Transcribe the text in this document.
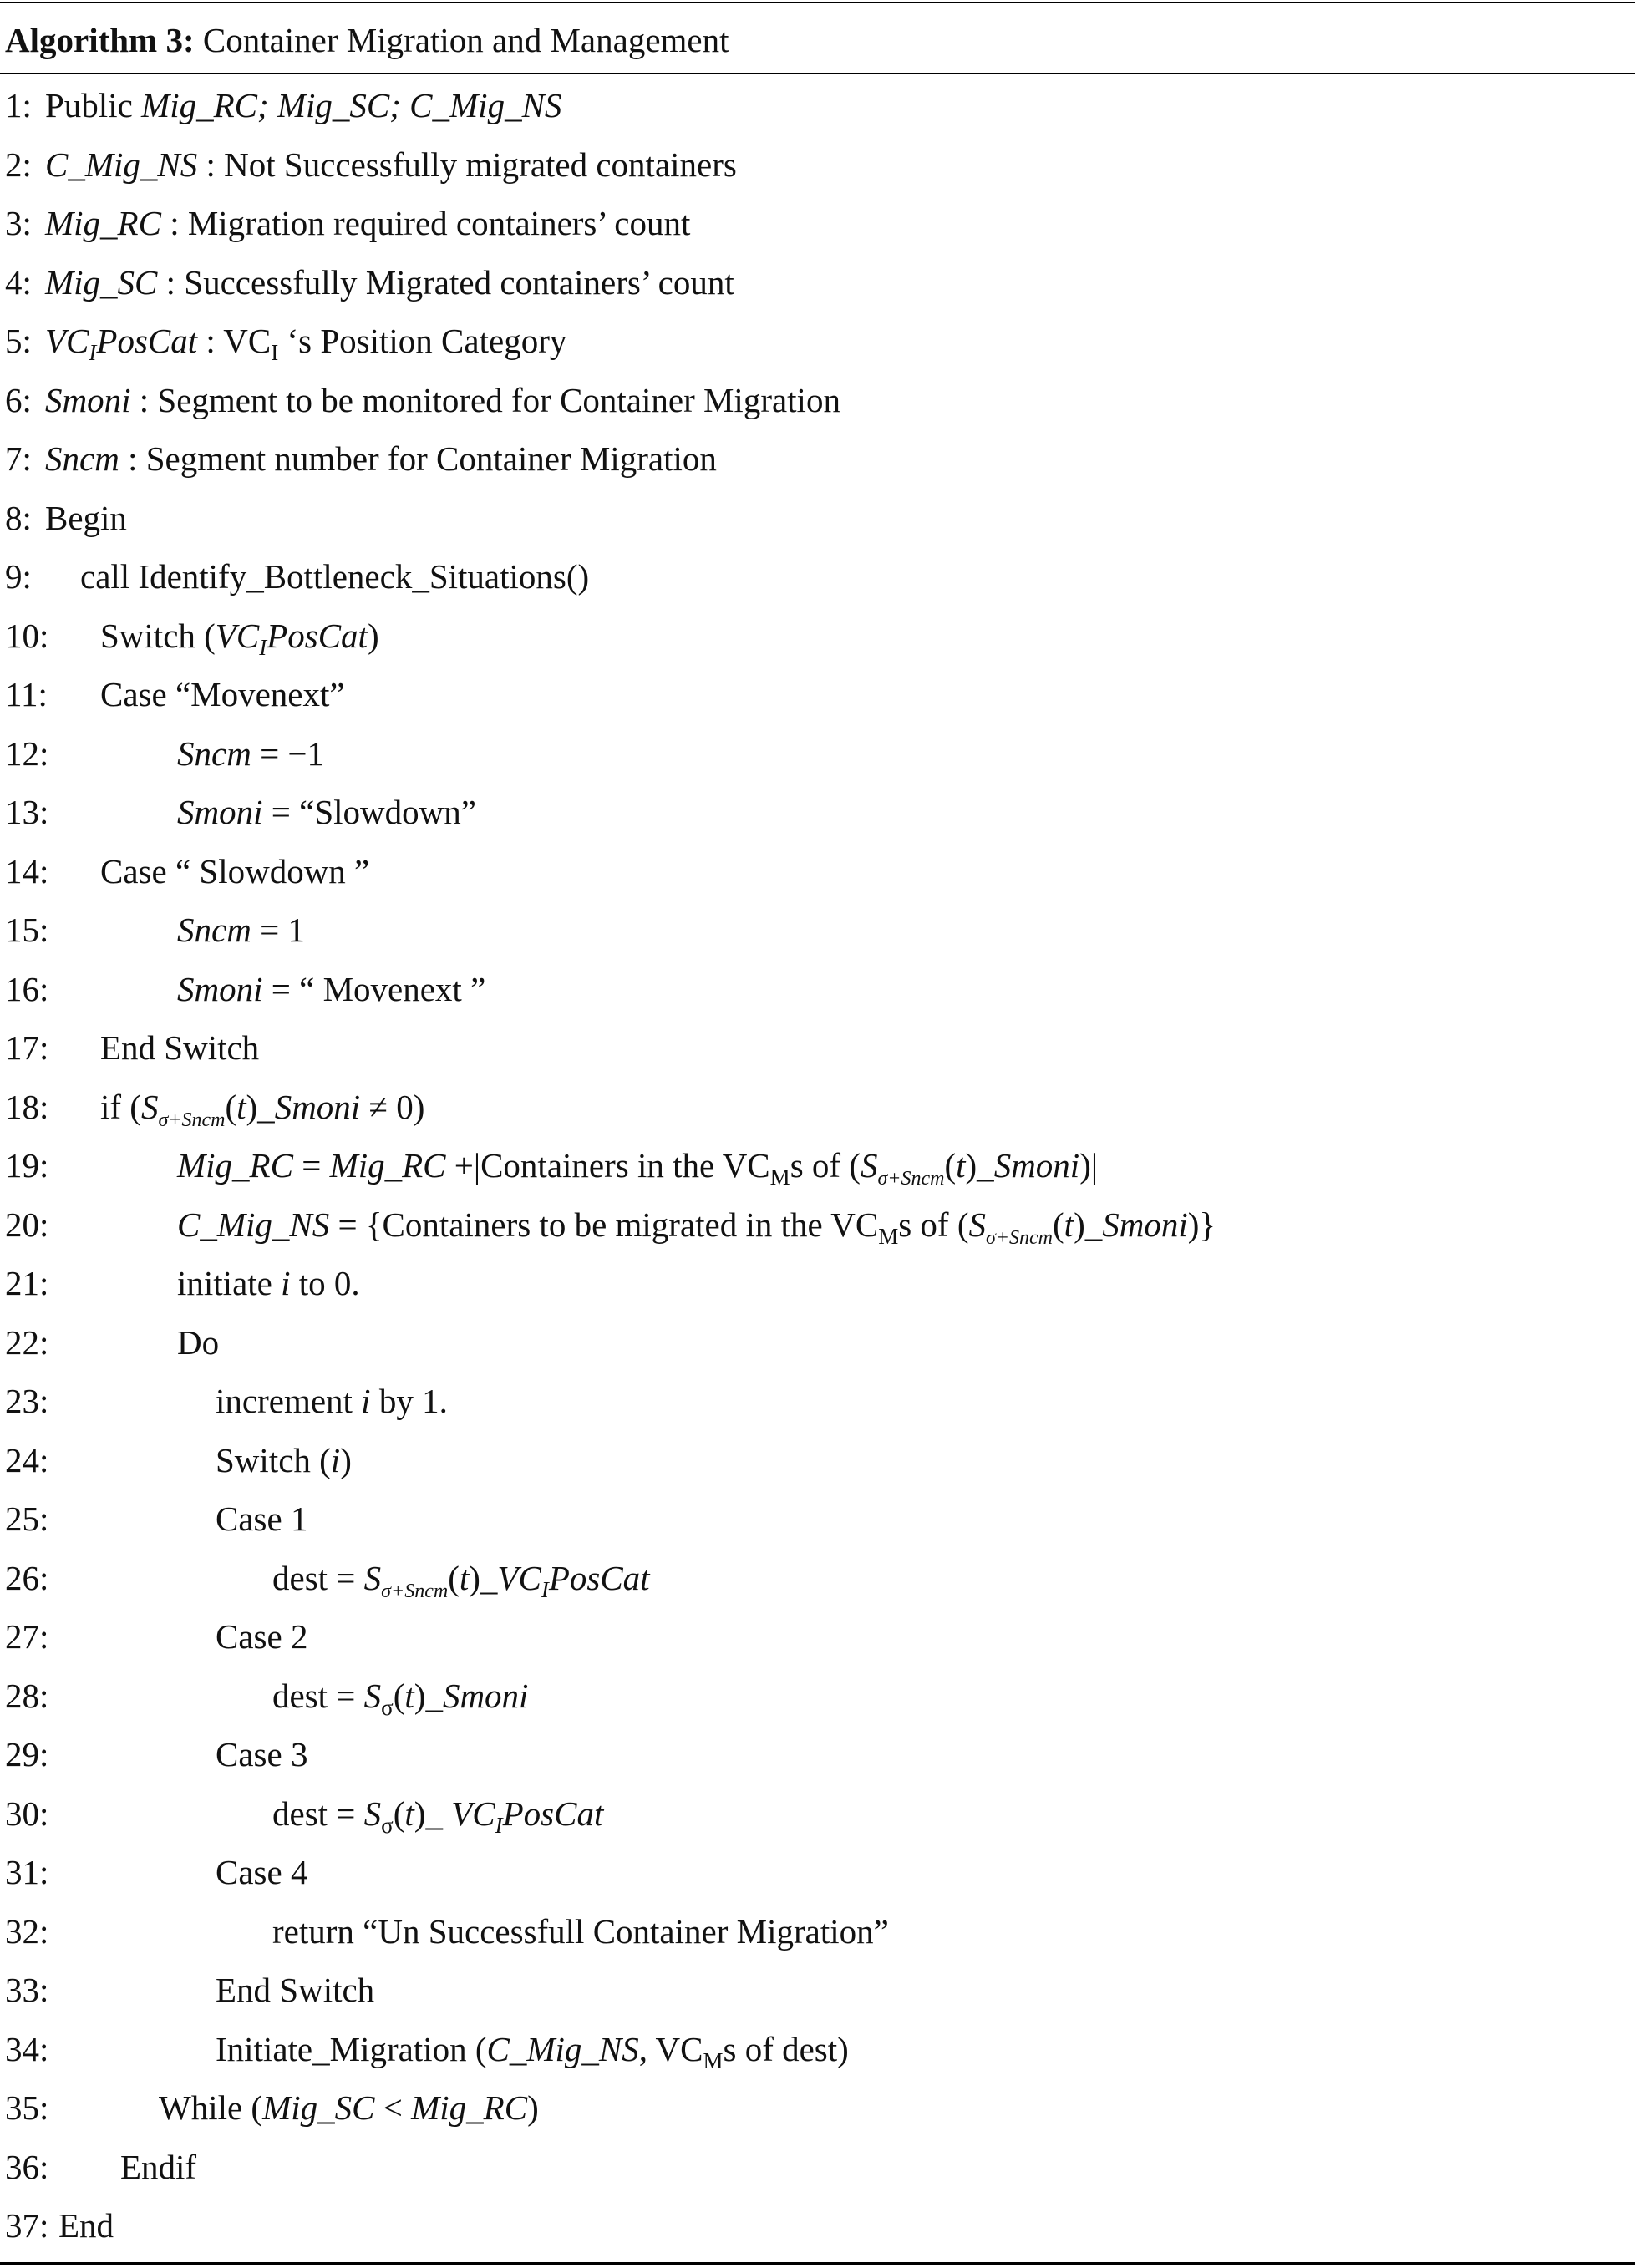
Algorithm 3: Container Migration and Management
1: Public Mig_RC; Mig_SC; C_Mig_NS
2: C_Mig_NS : Not Successfully migrated containers
3: Mig_RC : Migration required containers’ count
4: Mig_SC : Successfully Migrated containers’ count
5: $VC_IPosCat$ : $VC_I$ ‘s Position Category
6: Smoni : Segment to be monitored for Container Migration
7: Sncm : Segment number for Container Migration
8: Begin
9: call Identify_Bottleneck_Situations()
10: Switch $(VC_IPosCat)$
11: Case “Movenext”
12:	Sncm = −1
13:	Smoni = “Slowdown”
14: Case “ Slowdown ”
15:	Sncm = 1
16:	Smoni = “ Movenext ”
17: End Switch
18: if $(S_{\sigma+Sncm}(t)\_Smoni \ne 0)$
19:	Mig_RC = Mig_RC +|Containers in the $VC_Ms$ of $(S_{\sigma+Sncm}(t)\_Smoni)|$
20:	C_Mig_NS = {Containers to be migrated in the $VC_Ms$ of $(S_{\sigma+Sncm}(t)\_Smoni)$}
21:	initiate i to 0.
22:	Do
23:	increment i by 1.
24:	Switch (i)
25:	Case 1
26:	dest = $S_{\sigma+Sncm}(t)\_VC_IPosCat$
27:	Case 2
28:	dest = $S_\sigma(t)\_Smoni$
29:	Case 3
30:	dest = $S_\sigma(t)\_$ $VC_IPosCat$
31:	Case 4
32:	return “Un Successfull Container Migration”
33:	End Switch
34:	Initiate_Migration (C_Mig_NS, $VC_Ms$ of dest)
35:	While (Mig_SC < Mig_RC)
36: Endif
37: End
